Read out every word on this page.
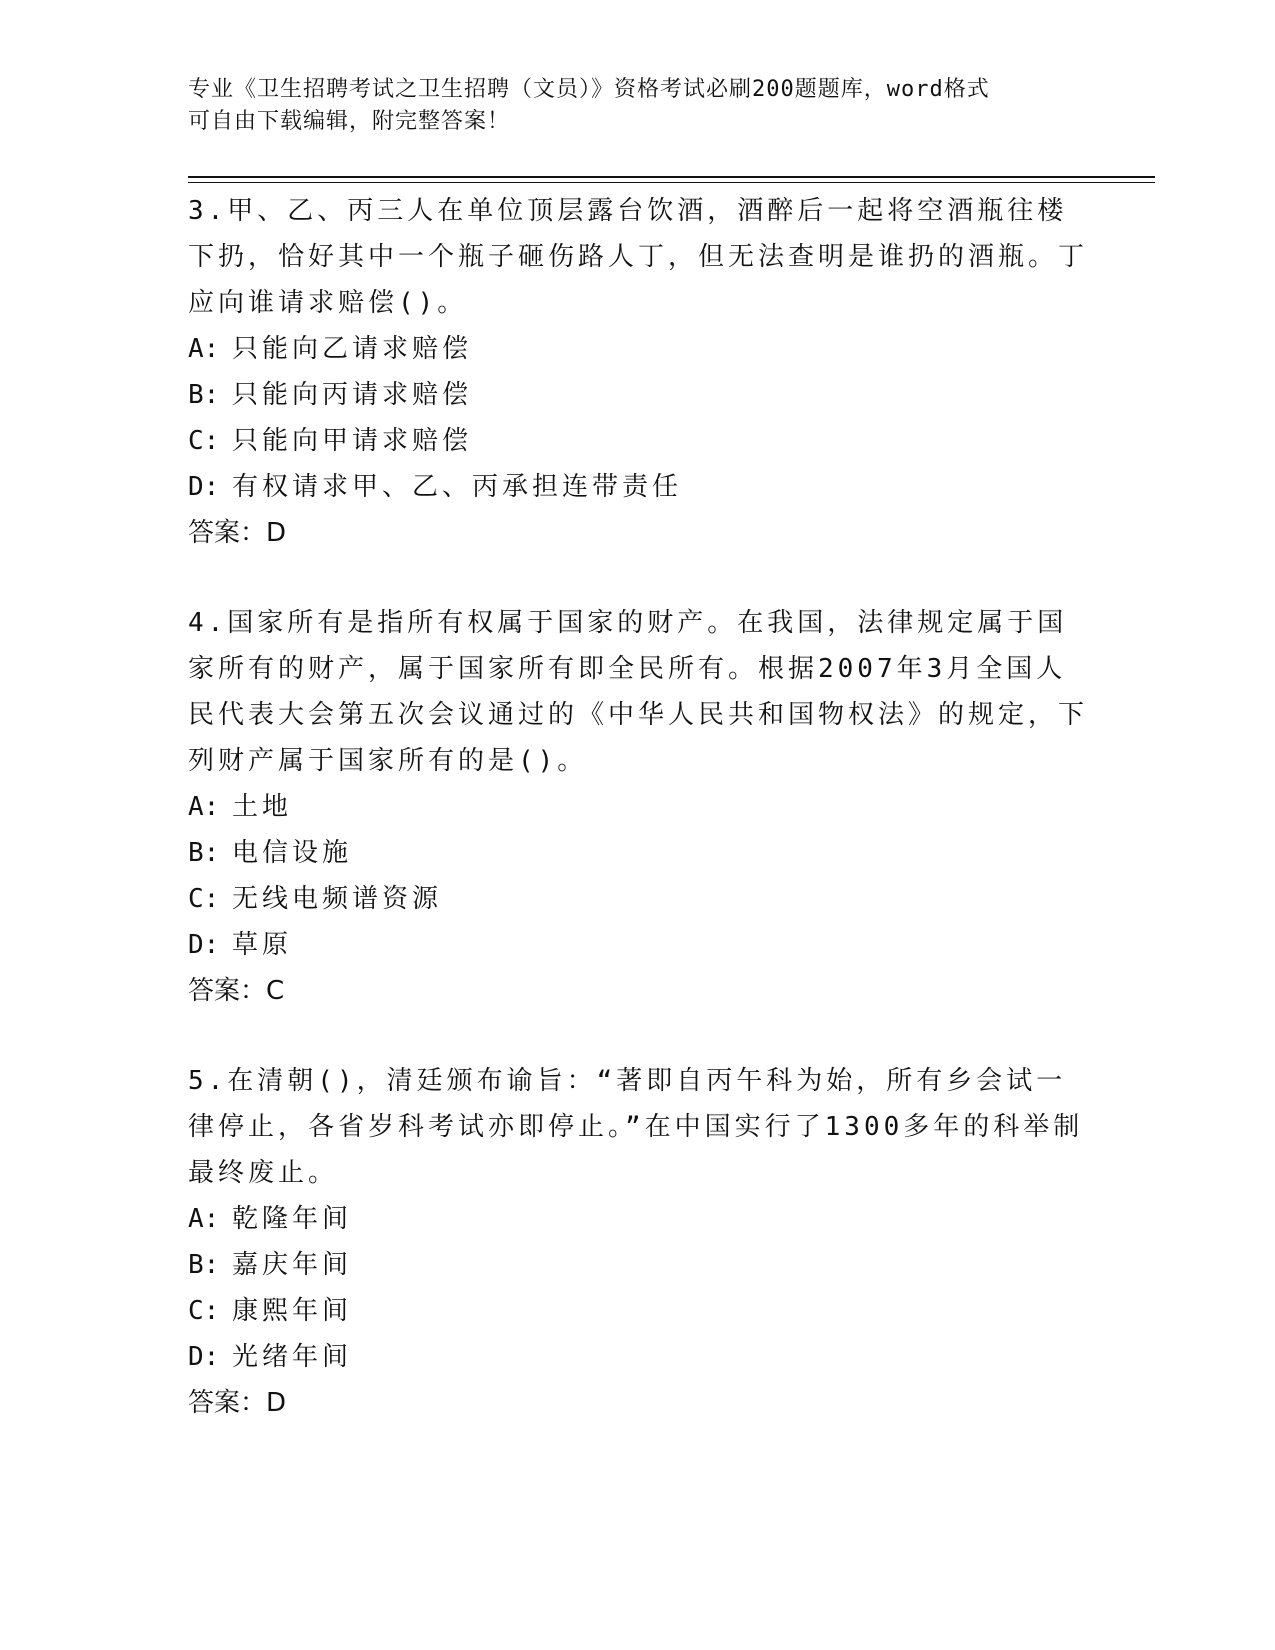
专业《卫生招聘考试之卫生招聘（文员）》资格考试必刷200题题库，word格式
可自由下载编辑，附完整答案！
3.甲、乙、丙三人在单位顶层露台饮酒，酒醉后一起将空酒瓶往楼下扔，恰好其中一个瓶子砸伤路人丁，但无法查明是谁扔的酒瓶。丁应向谁请求赔偿()。
A: 只能向乙请求赔偿
B: 只能向丙请求赔偿
C: 只能向甲请求赔偿
D: 有权请求甲、乙、丙承担连带责任
答案：D
4.国家所有是指所有权属于国家的财产。在我国，法律规定属于国家所有的财产，属于国家所有即全民所有。根据2007年3月全国人民代表大会第五次会议通过的《中华人民共和国物权法》的规定，下列财产属于国家所有的是()。
A: 土地
B: 电信设施
C: 无线电频谱资源
D: 草原
答案：C
5.在清朝()，清廷颁布谕旨：“著即自丙午科为始，所有乡会试一律停止，各省岁科考试亦即停止。”在中国实行了1300多年的科举制最终废止。
A: 乾隆年间
B: 嘉庆年间
C: 康熙年间
D: 光绪年间
答案：D
